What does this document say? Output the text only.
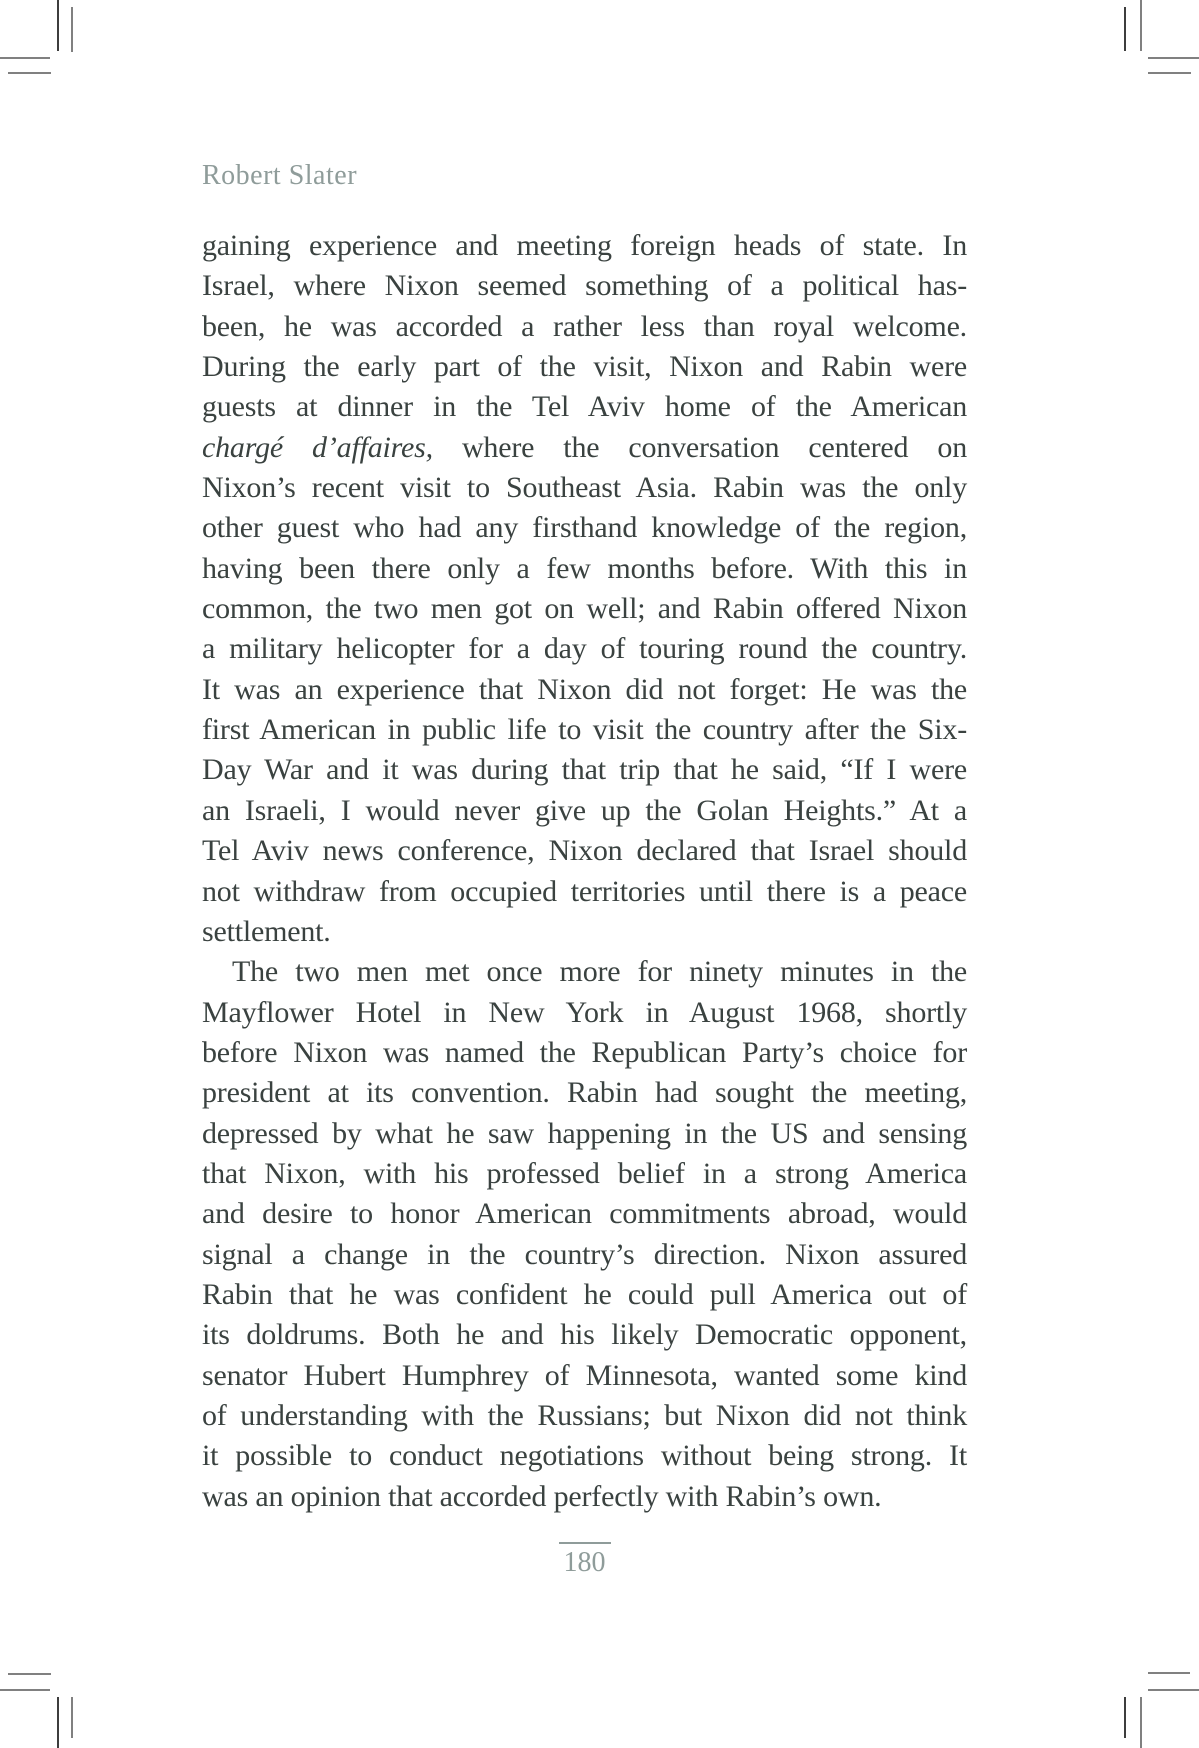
Robert Slater
gaining experience and meeting foreign heads of state. In
Israel, where Nixon seemed something of a political has-
been, he was accorded a rather less than royal welcome.
During the early part of the visit, Nixon and Rabin were
guests at dinner in the Tel Aviv home of the American
chargé d’affaires, where the conversation centered on
Nixon’s recent visit to Southeast Asia. Rabin was the only
other guest who had any firsthand knowledge of the region,
having been there only a few months before. With this in
common, the two men got on well; and Rabin offered Nixon
a military helicopter for a day of touring round the country.
It was an experience that Nixon did not forget: He was the
first American in public life to visit the country after the Six-
Day War and it was during that trip that he said, “If I were
an Israeli, I would never give up the Golan Heights.” At a
Tel Aviv news conference, Nixon declared that Israel should
not withdraw from occupied territories until there is a peace
settlement.
The two men met once more for ninety minutes in the
Mayflower Hotel in New York in August 1968, shortly
before Nixon was named the Republican Party’s choice for
president at its convention. Rabin had sought the meeting,
depressed by what he saw happening in the US and sensing
that Nixon, with his professed belief in a strong America
and desire to honor American commitments abroad, would
signal a change in the country’s direction. Nixon assured
Rabin that he was confident he could pull America out of
its doldrums. Both he and his likely Democratic opponent,
senator Hubert Humphrey of Minnesota, wanted some kind
of understanding with the Russians; but Nixon did not think
it possible to conduct negotiations without being strong. It
was an opinion that accorded perfectly with Rabin’s own.
180
